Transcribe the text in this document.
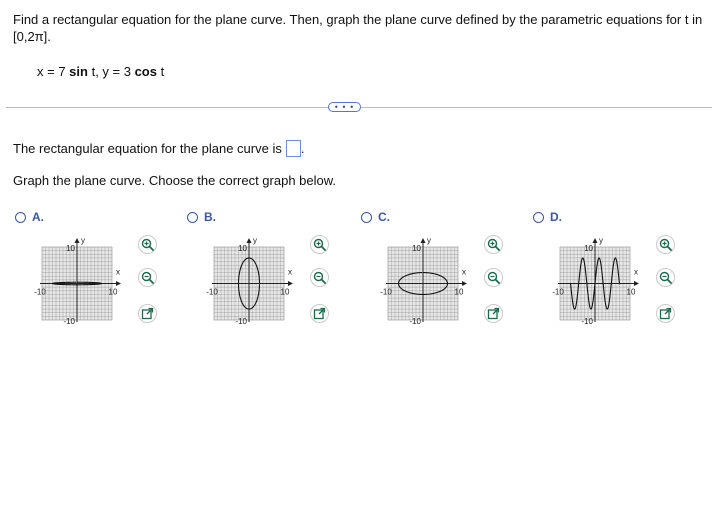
Find a rectangular equation for the plane curve. Then, graph the plane curve defined by the parametric equations for t in [0,2π].
x = 7 sin t, y = 3 cos t
• • •
The rectangular equation for the plane curve is .
Graph the plane curve. Choose the correct graph below.
A.
y
x
10
-10
-10	10
B.
y
x
10
-10
-10	10
C.
y
x
10
-10
-10	10
D.
y
x
10
-10
-10	10
